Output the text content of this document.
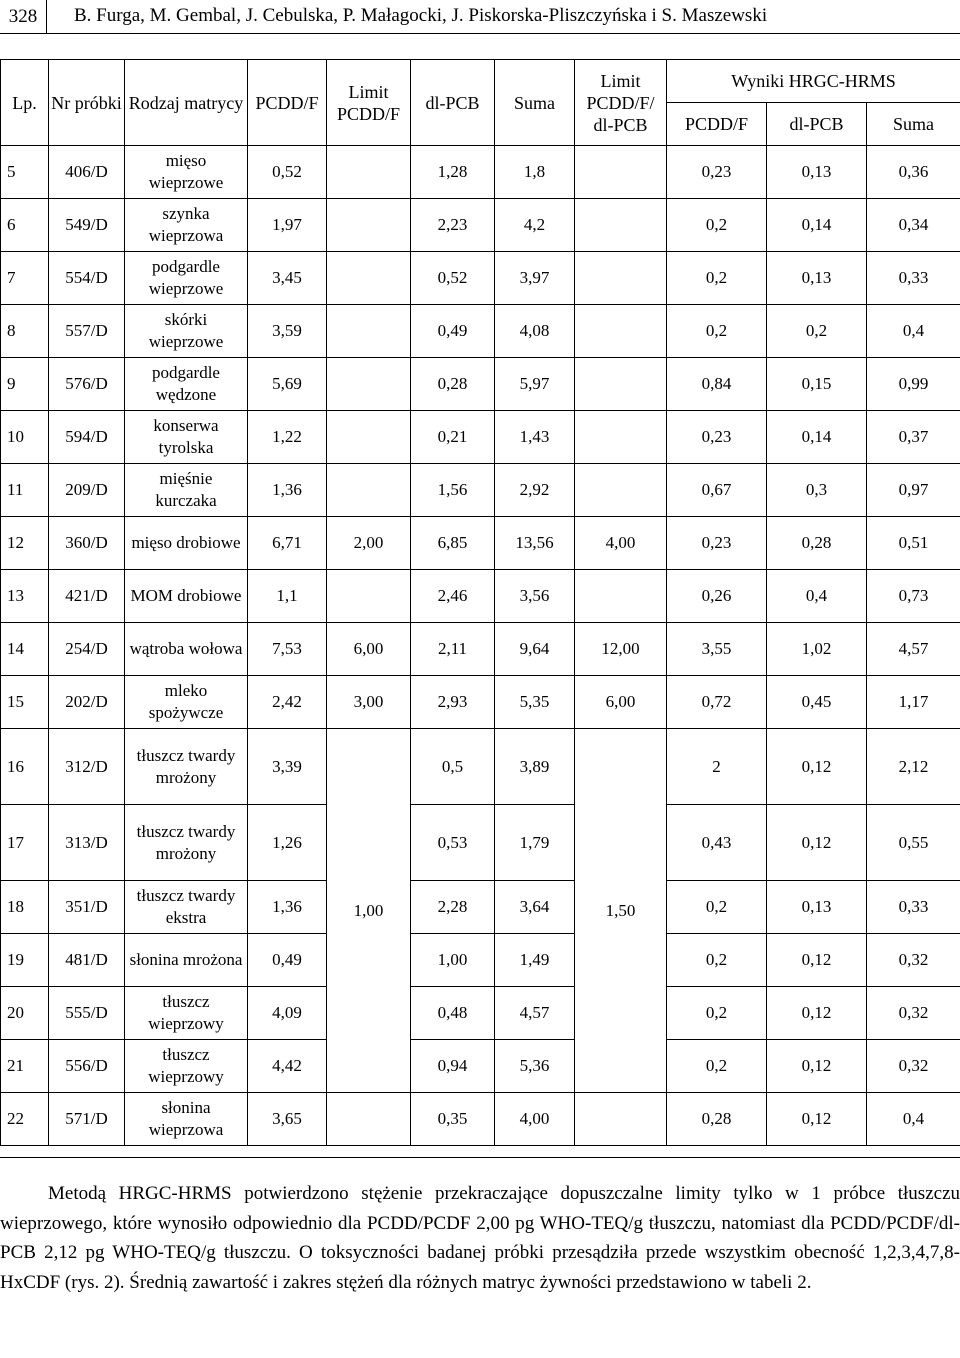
328	B. Furga, M. Gembal, J. Cebulska, P. Małagocki, J. Piskorska-Pliszczyńska i S. Maszewski
Lp.	Nr próbki	Rodzaj matrycy	PCDD/F	Limit PCDD/F	dl-PCB	Suma	Limit PCDD/F/ dl-PCB	Wyniki HRGC-HRMS		
								PCDD/F	dl-PCB	Suma
5	406/D	mięso wieprzowe	0,52		1,28	1,8		0,23	0,13	0,36
6	549/D	szynka wieprzowa	1,97		2,23	4,2		0,2	0,14	0,34
7	554/D	podgardle wieprzowe	3,45		0,52	3,97		0,2	0,13	0,33
8	557/D	skórki wieprzowe	3,59		0,49	4,08		0,2	0,2	0,4
9	576/D	podgardle wędzone	5,69		0,28	5,97		0,84	0,15	0,99
10	594/D	konserwa tyrolska	1,22		0,21	1,43		0,23	0,14	0,37
11	209/D	mięśnie kurczaka	1,36		1,56	2,92		0,67	0,3	0,97
12	360/D	mięso drobiowe	6,71	2,00	6,85	13,56	4,00	0,23	0,28	0,51
13	421/D	MOM drobiowe	1,1		2,46	3,56		0,26	0,4	0,73
14	254/D	wątroba wołowa	7,53	6,00	2,11	9,64	12,00	3,55	1,02	4,57
15	202/D	mleko spożywcze	2,42	3,00	2,93	5,35	6,00	0,72	0,45	1,17
16	312/D	tłuszcz twardy mrożony	3,39	1,00	0,5	3,89	1,50	2	0,12	2,12
17	313/D	tłuszcz twardy mrożony	1,26		0,53	1,79		0,43	0,12	0,55
18	351/D	tłuszcz twardy ekstra	1,36		2,28	3,64		0,2	0,13	0,33
19	481/D	słonina mrożona	0,49		1,00	1,49		0,2	0,12	0,32
20	555/D	tłuszcz wieprzowy	4,09		0,48	4,57		0,2	0,12	0,32
21	556/D	tłuszcz wieprzowy	4,42		0,94	5,36		0,2	0,12	0,32
22	571/D	słonina wieprzowa	3,65		0,35	4,00		0,28	0,12	0,4

Metodą HRGC-HRMS potwierdzono stężenie przekraczające dopuszczalne limity tylko w 1 próbce tłuszczu wieprzowego, które wynosiło odpowiednio dla PCDD/PCDF 2,00 pg WHO-TEQ/g tłuszczu, natomiast dla PCDD/PCDF/dl-PCB 2,12 pg WHO-TEQ/g tłuszczu. O toksyczności badanej próbki przesądziła przede wszystkim obecność 1,2,3,4,7,8-HxCDF (rys. 2). Średnią zawartość i zakres stężeń dla różnych matryc żywności przedstawiono w tabeli 2.
